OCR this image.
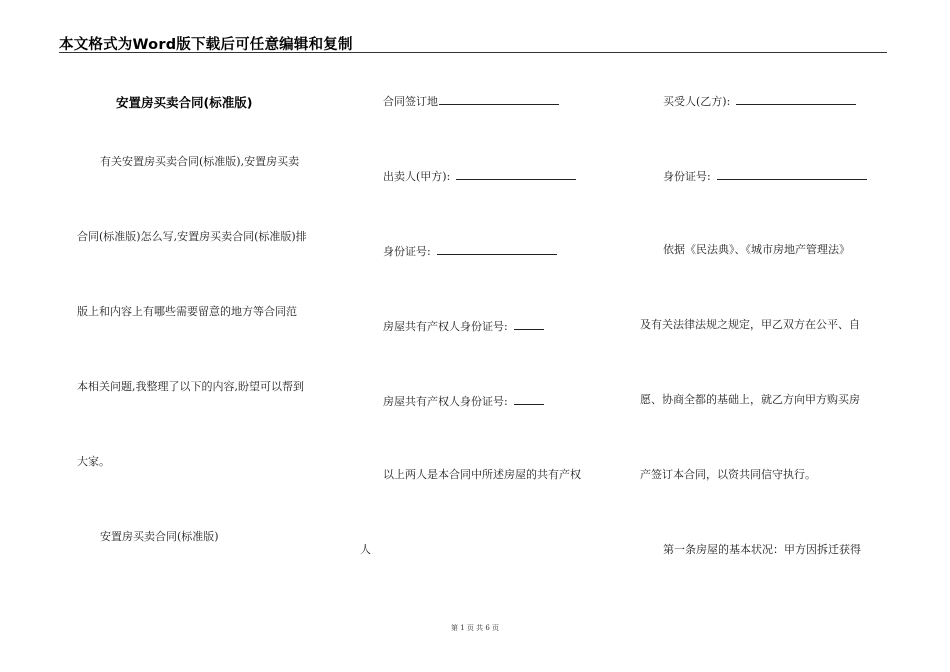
本文格式为Word版下载后可任意编辑和复制
安置房买卖合同(标准版)
有关安置房买卖合同(标准版),安置房买卖
合同(标准版)怎么写,安置房买卖合同(标准版)排
版上和内容上有哪些需要留意的地方等合同范
本相关问题,我整理了以下的内容,盼望可以帮到
大家。
安置房买卖合同(标准版)
合同签订地
出卖人(甲方):
身份证号:
房屋共有产权人身份证号:
房屋共有产权人身份证号:
以上两人是本合同中所述房屋的共有产权
人
买受人(乙方):
身份证号:
依据《民法典》、《城市房地产管理法》
及有关法律法规之规定，甲乙双方在公平、自
愿、协商全都的基础上，就乙方向甲方购买房
产签订本合同，以资共同信守执行。
第一条房屋的基本状况：甲方因拆迁获得
第 1 页 共 6 页
